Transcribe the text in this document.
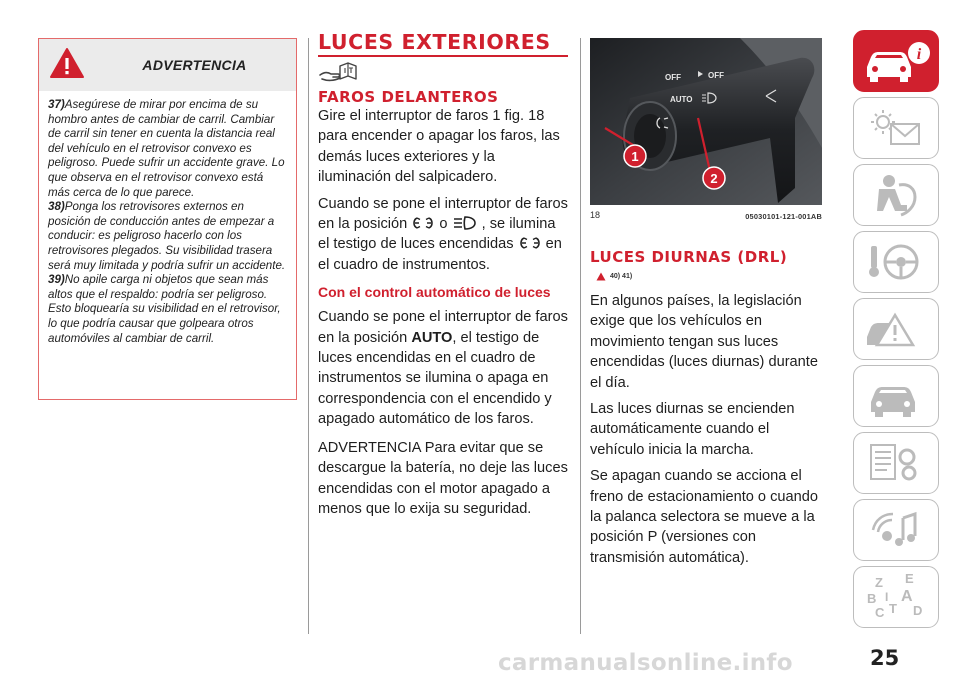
ADVERTENCIA
37)Asegúrese de mirar por encima de su hombro antes de cambiar de carril. Cambiar de carril sin tener en cuenta la distancia real del vehículo en el retrovisor convexo es peligroso. Puede sufrir un accidente grave. Lo que observa en el retrovisor convexo está más cerca de lo que parece.
38)Ponga los retrovisores externos en posición de conducción antes de empezar a conducir: es peligroso hacerlo con los retrovisores plegados. Su visibilidad trasera será muy limitada y podría sufrir un accidente.
39)No apile carga ni objetos que sean más altos que el respaldo: podría ser peligroso. Esto bloquearía su visibilidad en el retrovisor, lo que podría causar que golpeara otros automóviles al cambiar de carril.
LUCES EXTERIORES
FAROS DELANTEROS
Gire el interruptor de faros 1 fig. 18 para encender o apagar los faros, las demás luces exteriores y la iluminación del salpicadero.
Cuando se pone el interruptor de faros en la posición o , se ilumina el testigo de luces encendidas en el cuadro de instrumentos.
Con el control automático de luces
Cuando se pone el interruptor de faros en la posición AUTO, el testigo de luces encendidas en el cuadro de instrumentos se ilumina o apaga en correspondencia con el encendido y apagado automático de los faros.
ADVERTENCIA Para evitar que se descargue la batería, no deje las luces encendidas con el motor apagado a menos que lo exija su seguridad.
OFF	OFF
AUTO
1
2
18	05030101-121-001AB
LUCES DIURNAS (DRL)
40) 41)
En algunos países, la legislación exige que los vehículos en movimiento tengan sus luces encendidas (luces diurnas) durante el día.
Las luces diurnas se encienden automáticamente cuando el vehículo inicia la marcha.
Se apagan cuando se acciona el freno de estacionamiento o cuando la palanca selectora se mueve a la posición P (versiones con transmisión automática).
i
Z E
B A
C T D
I
25
carmanualsonline.info
